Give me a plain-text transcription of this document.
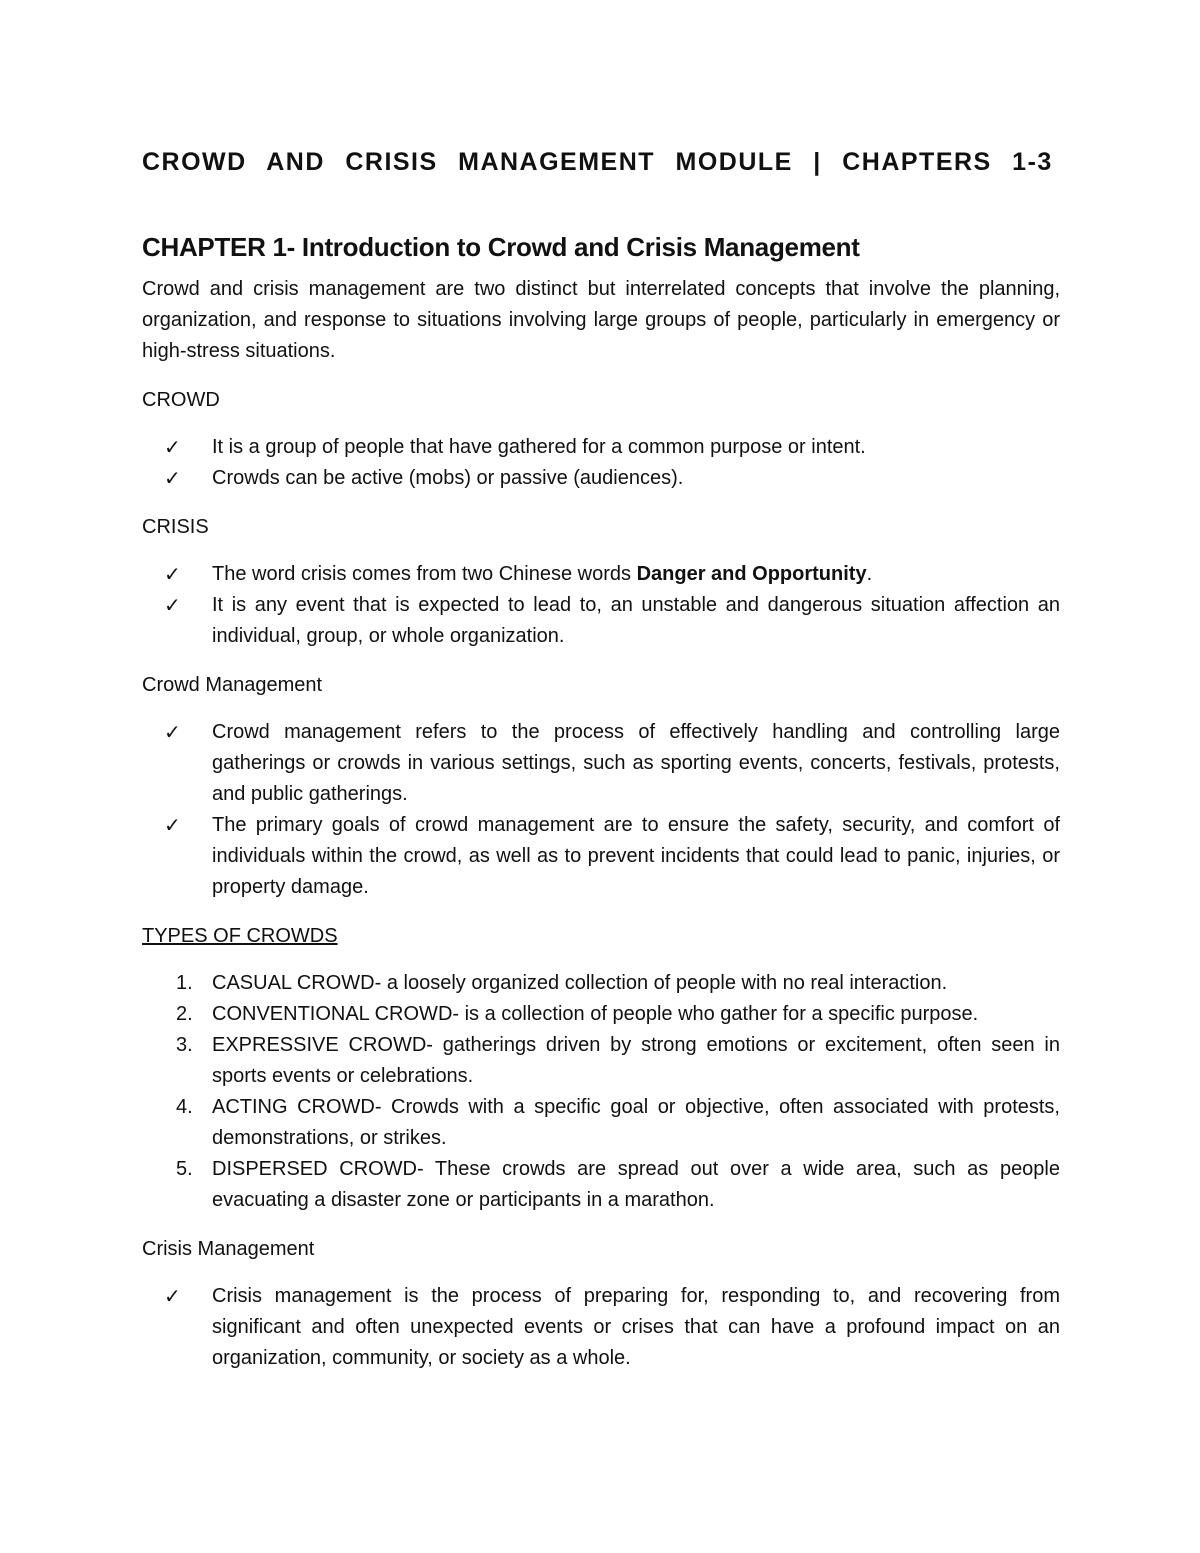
CROWD AND CRISIS MANAGEMENT MODULE | CHAPTERS 1-3
CHAPTER 1- Introduction to Crowd and Crisis Management

Crowd and crisis management are two distinct but interrelated concepts that involve the planning, organization, and response to situations involving large groups of people, particularly in emergency or high-stress situations.

CROWD

✓	It is a group of people that have gathered for a common purpose or intent.
✓	Crowds can be active (mobs) or passive (audiences).

CRISIS

✓	The word crisis comes from two Chinese words Danger and Opportunity.
✓	It is any event that is expected to lead to, an unstable and dangerous situation affection an individual, group, or whole organization.

Crowd Management

✓	Crowd management refers to the process of effectively handling and controlling large gatherings or crowds in various settings, such as sporting events, concerts, festivals, protests, and public gatherings.
✓	The primary goals of crowd management are to ensure the safety, security, and comfort of individuals within the crowd, as well as to prevent incidents that could lead to panic, injuries, or property damage.

TYPES OF CROWDS

1. CASUAL CROWD- a loosely organized collection of people with no real interaction.
2. CONVENTIONAL CROWD- is a collection of people who gather for a specific purpose.
3. EXPRESSIVE CROWD- gatherings driven by strong emotions or excitement, often seen in sports events or celebrations.
4. ACTING CROWD- Crowds with a specific goal or objective, often associated with protests, demonstrations, or strikes.
5. DISPERSED CROWD- These crowds are spread out over a wide area, such as people evacuating a disaster zone or participants in a marathon.

Crisis Management

✓	Crisis management is the process of preparing for, responding to, and recovering from significant and often unexpected events or crises that can have a profound impact on an organization, community, or society as a whole.
